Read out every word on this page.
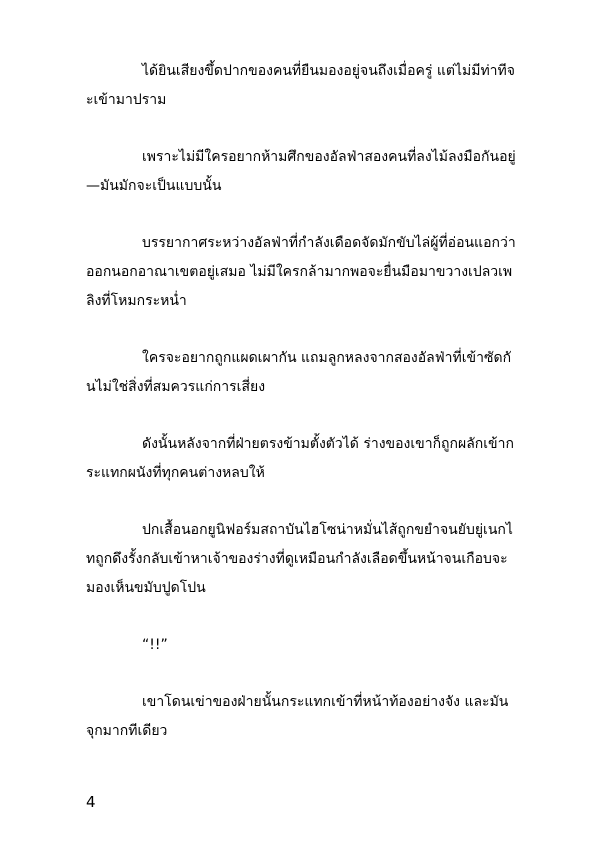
ได้ยินเสียงขึ้ดปากของคนที่ยืนมองอยู่จนถึงเมื่อครู่ แต่ไม่มีท่าทีจะเข้ามาปราม

เพราะไม่มีใครอยากห้ามศึกของอัลฟ่าสองคนที่ลงไม้ลงมือกันอยู่—มันมักจะเป็นแบบนั้น

บรรยากาศระหว่างอัลฟ่าที่กำลังเดือดจัดมักขับไล่ผู้ที่อ่อนแอกว่าออกนอกอาณาเขตอยู่เสมอ ไม่มีใครกล้ามากพอจะยื่นมือมาขวางเปลวเพลิงที่โหมกระหน่ำ

ใครจะอยากถูกแผดเผากัน แถมลูกหลงจากสองอัลฟ่าที่เข้าซัดกันไม่ใช่สิ่งที่สมควรแก่การเสี่ยง

ดังนั้นหลังจากที่ฝ่ายตรงข้ามตั้งตัวได้ ร่างของเขาก็ถูกผลักเข้ากระแทกผนังที่ทุกคนต่างหลบให้

ปกเสื้อนอกยูนิฟอร์มสถาบันไฮโซน่าหมั่นไส้ถูกขยำจนยับยู่เนกไทถูกดึงรั้งกลับเข้าหาเจ้าของร่างที่ดูเหมือนกำลังเลือดขึ้นหน้าจนเกือบจะมองเห็นขมับปูดโปน

“!!”

เขาโดนเข่าของฝ่ายนั้นกระแทกเข้าที่หน้าท้องอย่างจัง และมันจุกมากทีเดียว

4
